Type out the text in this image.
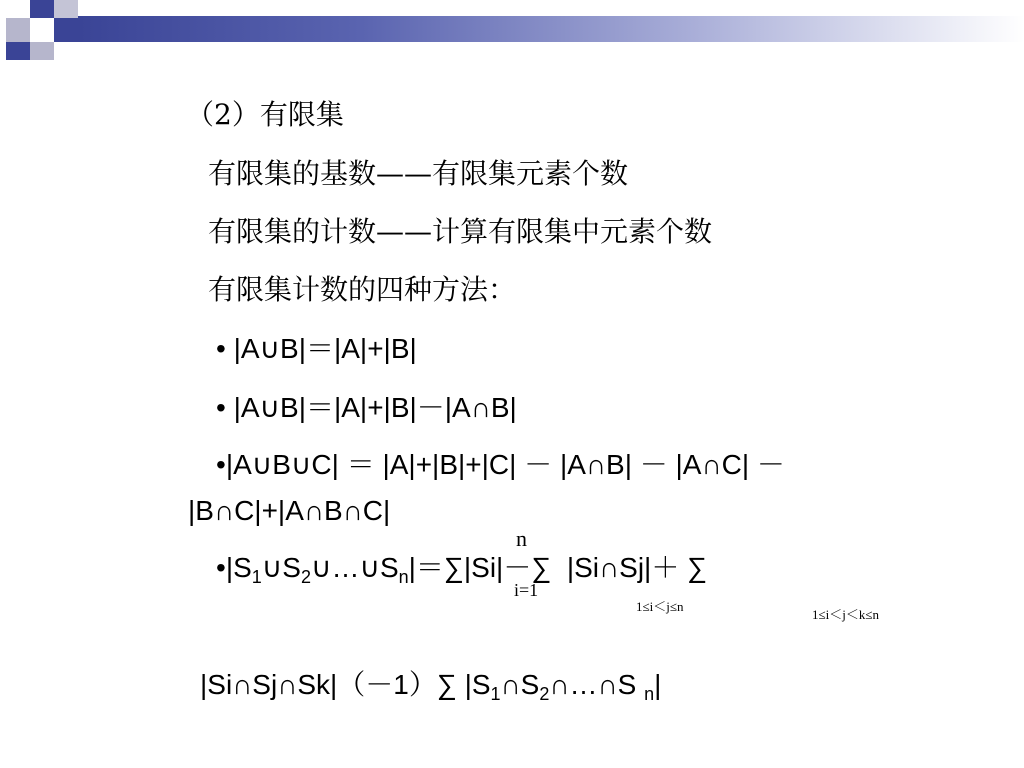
（2）有限集
有限集的基数——有限集元素个数
有限集的计数——计算有限集中元素个数
有限集计数的四种方法：
• |A∪B|＝|A|+|B|
• |A∪B|＝|A|+|B|－|A∩B|
•|A∪B∪C| ＝ |A|+|B|+|C| － |A∩B| － |A∩C| －
|B∩C|+|A∩B∩C|
n
$•|S_1\cup S_2\cup\dots\cup S_n|=\sum|Si|-\sum$ |Si∩Sj|＋ ∑
i=1
1≤i＜j≤n
1≤i＜j＜k≤n
|Si∩Sj∩Sk|（－1）∑ $|S_1\cap S_2\cap\dots\cap S$ $_n$|
